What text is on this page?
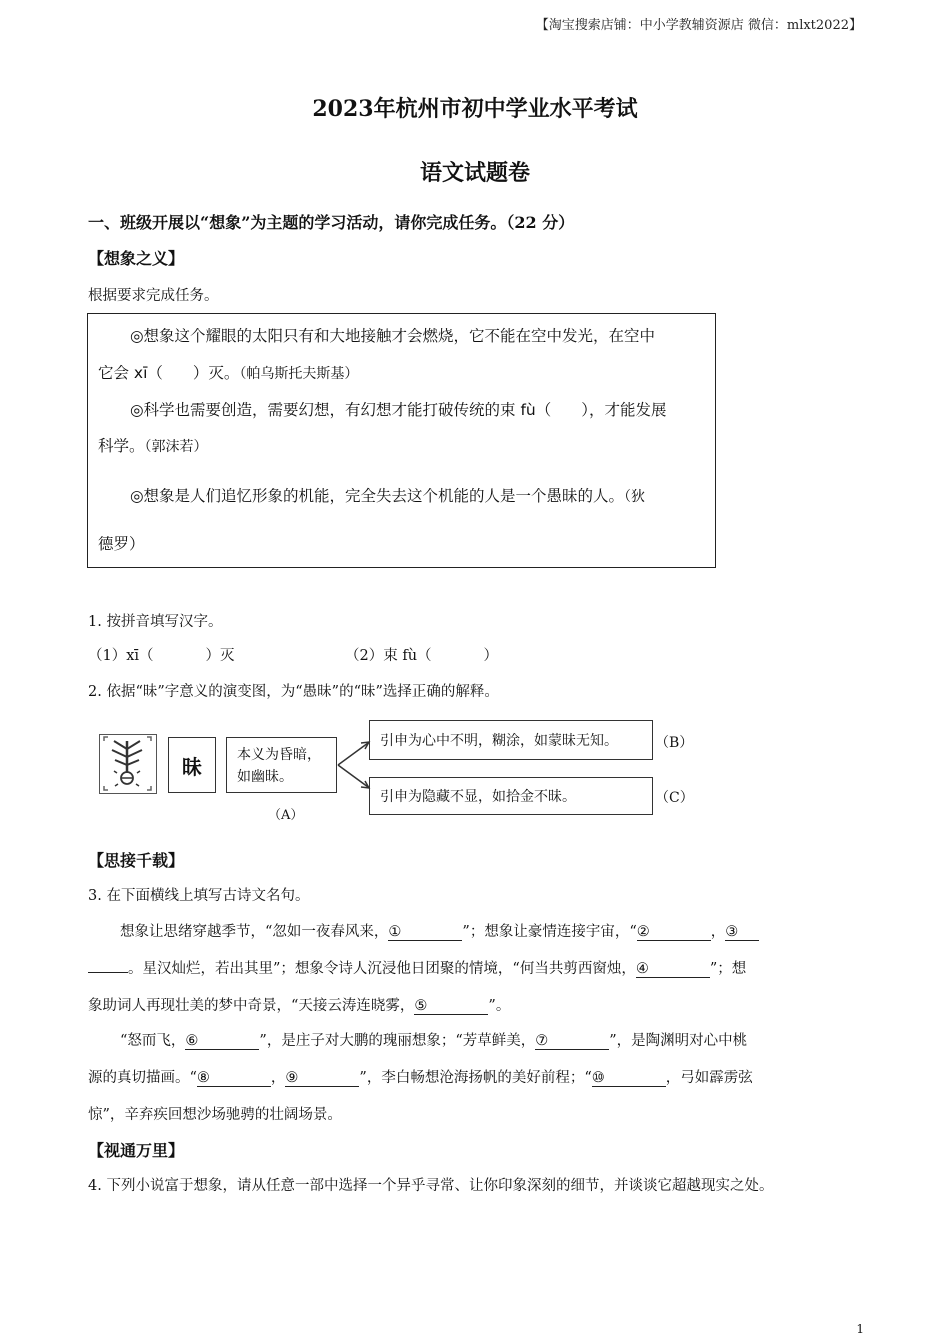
【淘宝搜索店铺：中小学教辅资源店 微信：mlxt2022】
2023年杭州市初中学业水平考试
语文试题卷
一、班级开展以“想象”为主题的学习活动，请你完成任务。（22 分）
【想象之义】
根据要求完成任务。
◎想象这个耀眼的太阳只有和大地接触才会燃烧，它不能在空中发光，在空中
它会 xī（ ）灭。（帕乌斯托夫斯基）
◎科学也需要创造，需要幻想，有幻想才能打破传统的束 fù（ ），才能发展
科学。（郭沫若）
◎想象是人们追忆形象的机能，完全失去这个机能的人是一个愚昧的人。（狄
德罗）
1. 按拼音填写汉字。
（1）xī（	）灭	（2）束 fù（	）
2. 依据“昧”字意义的演变图，为“愚昧”的“昧”选择正确的解释。
昧	本义为昏暗，如幽昧。
（A）
引申为心中不明，糊涂，如蒙昧无知。	（B）
引申为隐藏不显，如拾金不昧。	（C）
【思接千载】
3. 在下面横线上填写古诗文名句。
想象让思绪穿越季节，“忽如一夜春风来，①	”；想象让豪情连接宇宙，“②	，③
。星汉灿烂，若出其里”；想象令诗人沉浸他日团聚的情境，“何当共剪西窗烛，④	”；想
象助词人再现壮美的梦中奇景，“天接云涛连晓雾，⑤	”。
“怒而飞，⑥	”，是庄子对大鹏的瑰丽想象；“芳草鲜美，⑦	”，是陶渊明对心中桃
源的真切描画。“⑧	，⑨	”，李白畅想沧海扬帆的美好前程；“⑩	，弓如霹雳弦
惊”，辛弃疾回想沙场驰骋的壮阔场景。
【视通万里】
4. 下列小说富于想象，请从任意一部中选择一个异乎寻常、让你印象深刻的细节，并谈谈它超越现实之处。
1
